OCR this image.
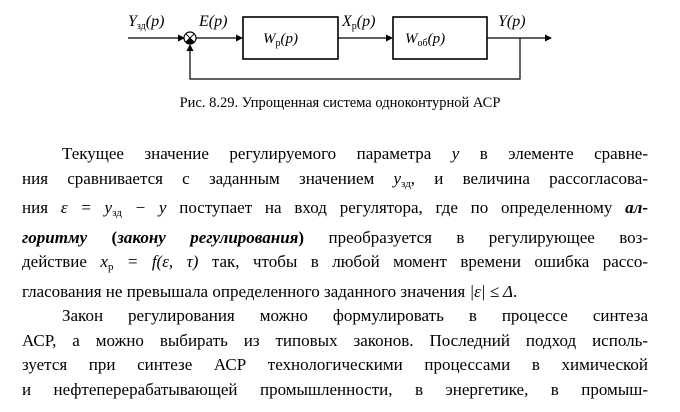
Yзд(p) E(p)
$W_р(p)$
Xр(p)
$W_{об}(p)$
Y(p)
Рис. 8.29. Упрощенная система одноконтурной АСР
Текущее значение регулируемого параметра y в элементе сравне-
ния сравнивается с заданным значением yзд, и величина рассогласова-
ния ε = yзд − y поступает на вход регулятора, где по определенному ал-
горитму (закону регулирования) преобразуется в регулирующее воз-
действие xр = f(ε, τ) так, чтобы в любой момент времени ошибка рассо-
гласования не превышала определенного заданного значения |ε| ≤ Δ.
Закон регулирования можно формулировать в процессе синтеза
АСР, а можно выбирать из типовых законов. Последний подход исполь-
зуется при синтезе АСР технологическими процессами в химической
и нефтеперерабатывающей промышленности, в энергетике, в промыш-
